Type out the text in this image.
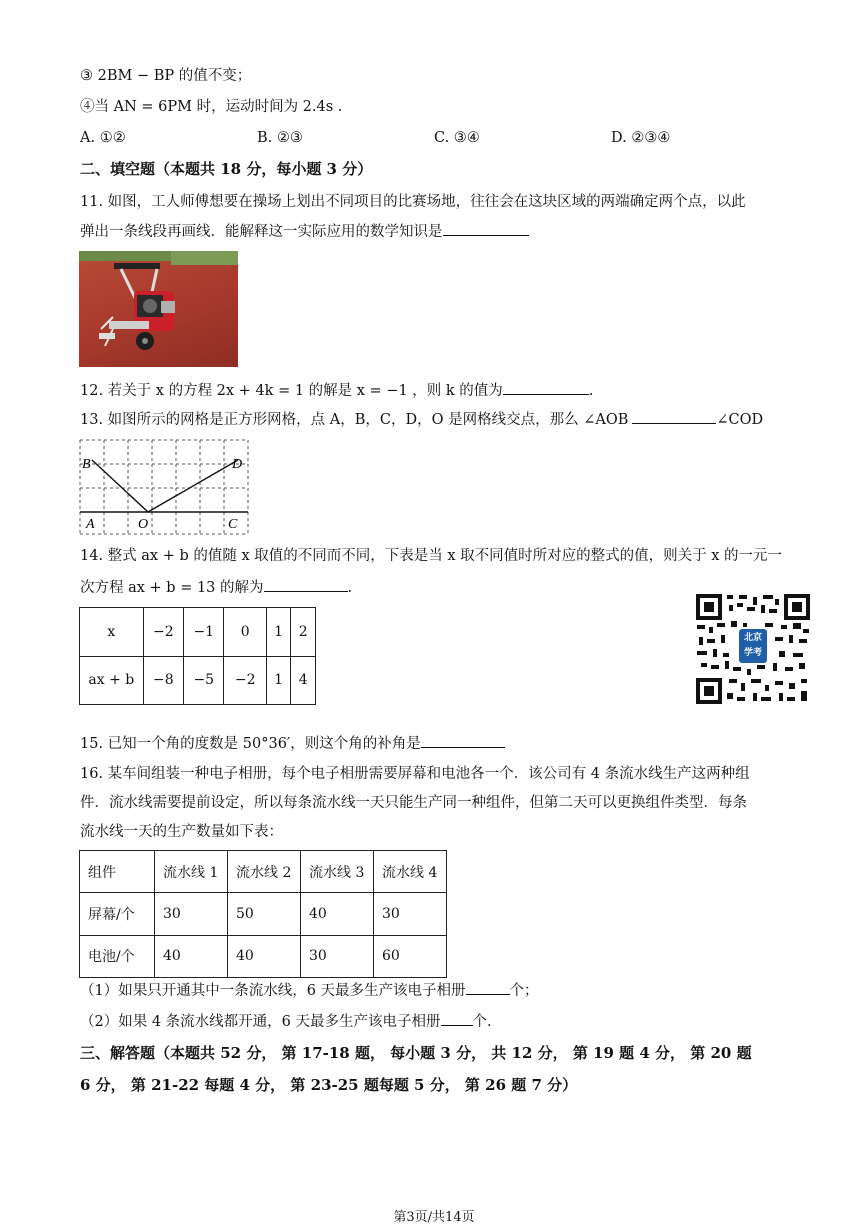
③ 2BM − BP 的值不变；
④当 AN = 6PM 时，运动时间为 2.4s .
A. ①②	B. ②③	C. ③④	D. ②③④
二、填空题（本题共 18 分，每小题 3 分）
11. 如图，工人师傅想要在操场上划出不同项目的比赛场地，往往会在这块区域的两端确定两个点，以此
弹出一条线段再画线．能解释这一实际应用的数学知识是
12. 若关于 x 的方程 2x + 4k = 1 的解是 x = −1 ，则 k 的值为	.
13. 如图所示的网格是正方形网格，点 A，B，C，D，O 是网格线交点，那么 ∠AOB	∠COD
B	D
A	O	C
14. 整式 ax + b 的值随 x 取值的不同而不同，下表是当 x 取不同值时所对应的整式的值，则关于 x 的一元一
次方程 ax + b = 13 的解为	.
x	−2	−1	0	1	2
ax + b	−8	−5	−2	1	4
北京
学考
15. 已知一个角的度数是 50°36′，则这个角的补角是
16. 某车间组装一种电子相册，每个电子相册需要屏幕和电池各一个．该公司有 4 条流水线生产这两种组
件．流水线需要提前设定，所以每条流水线一天只能生产同一种组件，但第二天可以更换组件类型．每条
流水线一天的生产数量如下表：
组件	流水线 1	流水线 2	流水线 3	流水线 4
屏幕/个	30	50	40	30
电池/个	40	40	30	60
（1）如果只开通其中一条流水线，6 天最多生产该电子相册	个；
（2）如果 4 条流水线都开通，6 天最多生产该电子相册 个.
三、解答题（本题共 52 分， 第 17-18 题， 每小题 3 分， 共 12 分， 第 19 题 4 分， 第 20 题
6 分， 第 21-22 每题 4 分， 第 23-25 题每题 5 分， 第 26 题 7 分）
第3页/共14页
